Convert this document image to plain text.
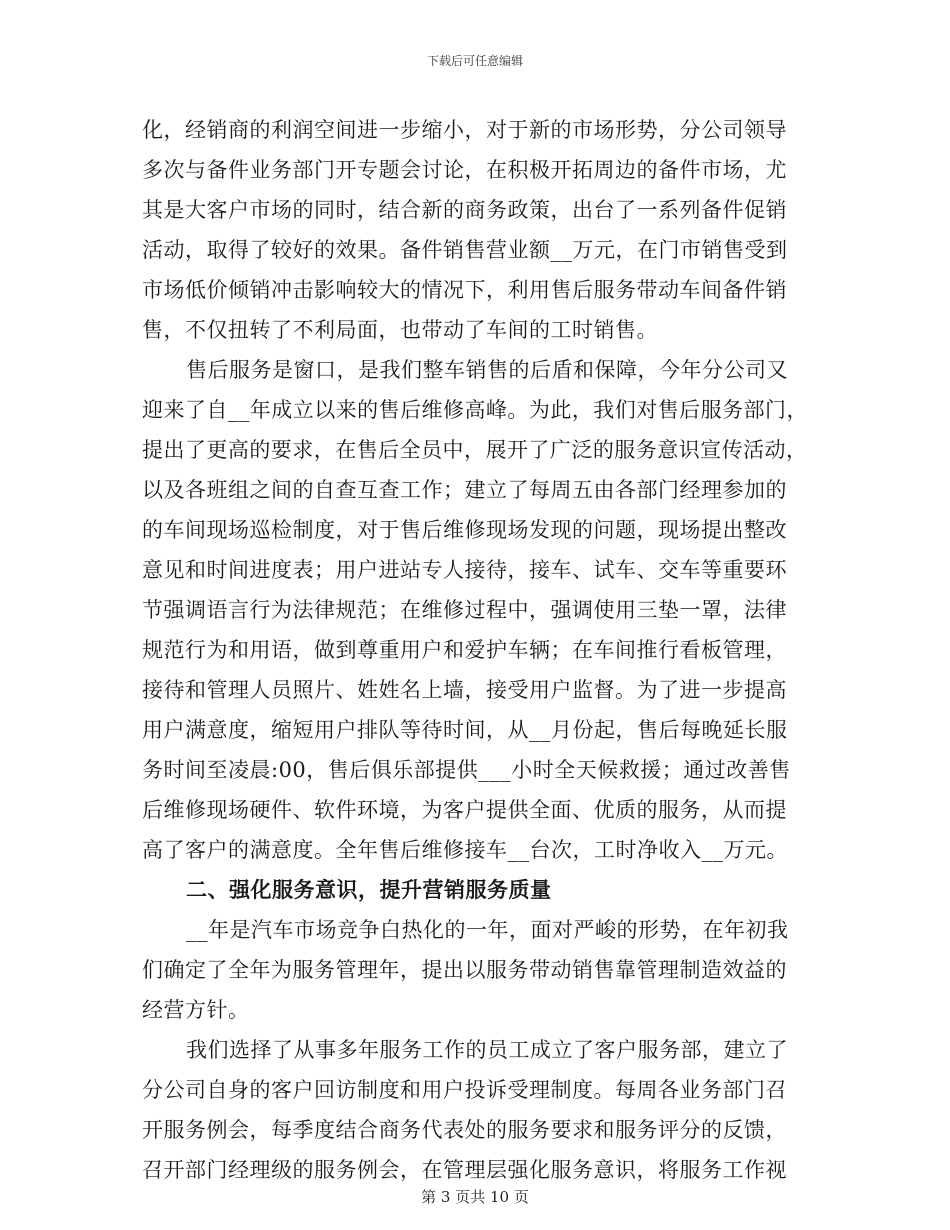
下载后可任意编辑
化，经销商的利润空间进一步缩小，对于新的市场形势，分公司领导
多次与备件业务部门开专题会讨论，在积极开拓周边的备件市场，尤
其是大客户市场的同时，结合新的商务政策，出台了一系列备件促销
活动，取得了较好的效果。备件销售营业额__万元，在门市销售受到
市场低价倾销冲击影响较大的情况下，利用售后服务带动车间备件销
售，不仅扭转了不利局面，也带动了车间的工时销售。
售后服务是窗口，是我们整车销售的后盾和保障，今年分公司又
迎来了自__年成立以来的售后维修高峰。为此，我们对售后服务部门，
提出了更高的要求，在售后全员中，展开了广泛的服务意识宣传活动，
以及各班组之间的自查互查工作；建立了每周五由各部门经理参加的
的车间现场巡检制度，对于售后维修现场发现的问题，现场提出整改
意见和时间进度表；用户进站专人接待，接车、试车、交车等重要环
节强调语言行为法律规范；在维修过程中，强调使用三垫一罩，法律
规范行为和用语，做到尊重用户和爱护车辆；在车间推行看板管理，
接待和管理人员照片、姓姓名上墙，接受用户监督。为了进一步提高
用户满意度，缩短用户排队等待时间，从__月份起，售后每晚延长服
务时间至凌晨:00，售后俱乐部提供___小时全天候救援；通过改善售
后维修现场硬件、软件环境，为客户提供全面、优质的服务，从而提
高了客户的满意度。全年售后维修接车__台次，工时净收入__万元。
二、强化服务意识，提升营销服务质量
__年是汽车市场竞争白热化的一年，面对严峻的形势，在年初我
们确定了全年为服务管理年，提出以服务带动销售靠管理制造效益的
经营方针。
我们选择了从事多年服务工作的员工成立了客户服务部，建立了
分公司自身的客户回访制度和用户投诉受理制度。每周各业务部门召
开服务例会，每季度结合商务代表处的服务要求和服务评分的反馈，
召开部门经理级的服务例会，在管理层强化服务意识，将服务工作视
第 3 页共 10 页
